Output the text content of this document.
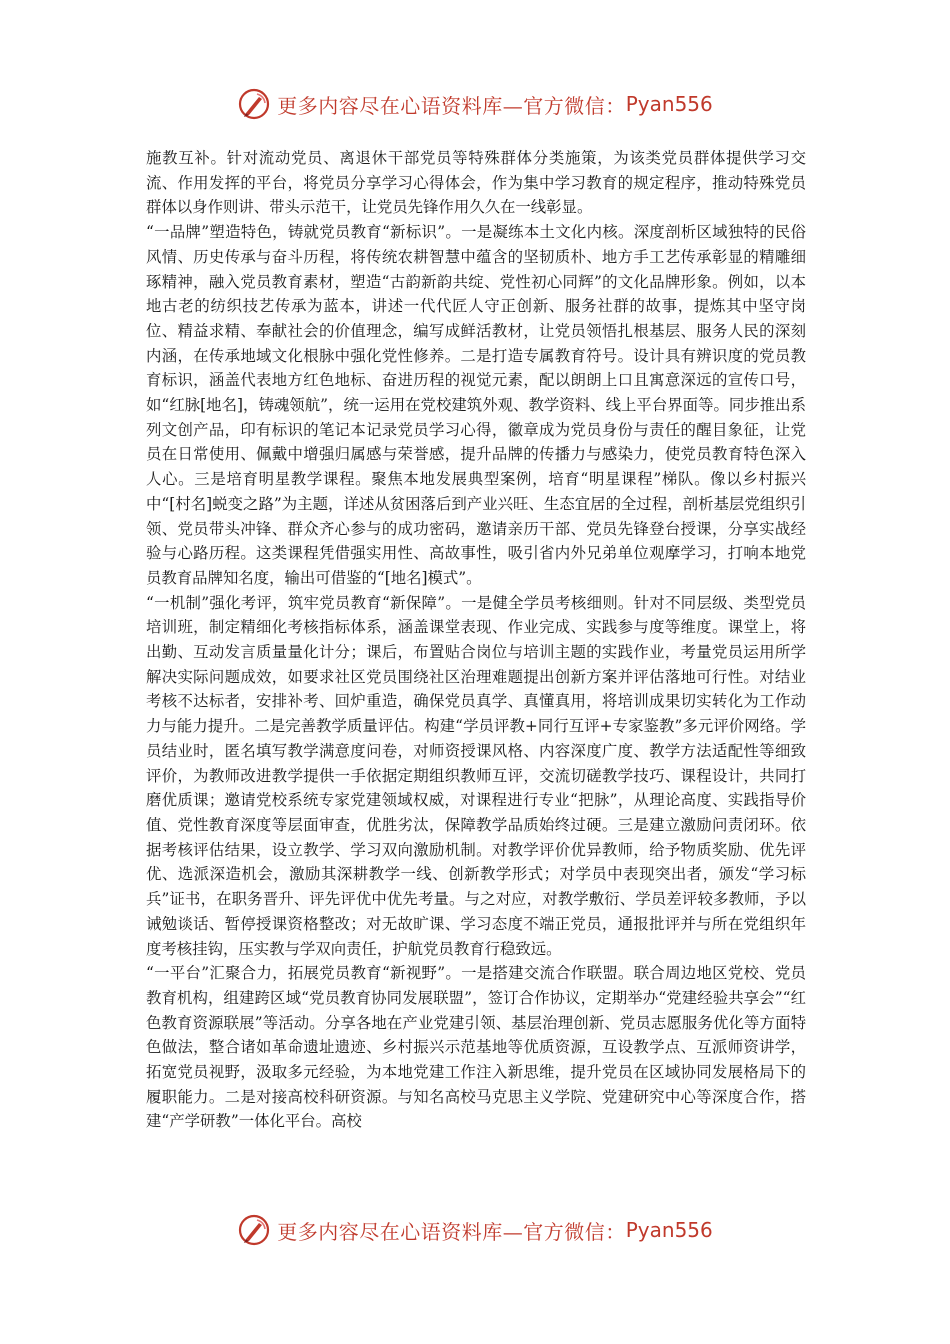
更多内容尽在心语资料库—官方微信： Pyan556

施教互补。针对流动党员、离退休干部党员等特殊群体分类施策，为该类党员群体提供学习交流、作用发挥的平台，将党员分享学习心得体会，作为集中学习教育的规定程序，推动特殊党员群体以身作则讲、带头示范干，让党员先锋作用久久在一线彰显。

“一品牌”塑造特色，铸就党员教育“新标识”。一是凝练本土文化内核。深度剖析区域独特的民俗风情、历史传承与奋斗历程，将传统农耕智慧中蕴含的坚韧质朴、地方手工艺传承彰显的精雕细琢精神，融入党员教育素材，塑造“古韵新韵共绽、党性初心同辉”的文化品牌形象。例如，以本地古老的纺织技艺传承为蓝本，讲述一代代匠人守正创新、服务社群的故事，提炼其中坚守岗位、精益求精、奉献社会的价值理念，编写成鲜活教材，让党员领悟扎根基层、服务人民的深刻内涵，在传承地域文化根脉中强化党性修养。二是打造专属教育符号。设计具有辨识度的党员教育标识，涵盖代表地方红色地标、奋进历程的视觉元素，配以朗朗上口且寓意深远的宣传口号，如“红脉[地名]，铸魂领航”，统一运用在党校建筑外观、教学资料、线上平台界面等。同步推出系列文创产品，印有标识的笔记本记录党员学习心得，徽章成为党员身份与责任的醒目象征，让党员在日常使用、佩戴中增强归属感与荣誉感，提升品牌的传播力与感染力，使党员教育特色深入人心。三是培育明星教学课程。聚焦本地发展典型案例，培育“明星课程”梯队。像以乡村振兴中“[村名]蜕变之路”为主题，详述从贫困落后到产业兴旺、生态宜居的全过程，剖析基层党组织引领、党员带头冲锋、群众齐心参与的成功密码，邀请亲历干部、党员先锋登台授课，分享实战经验与心路历程。这类课程凭借强实用性、高故事性，吸引省内外兄弟单位观摩学习，打响本地党员教育品牌知名度，输出可借鉴的“[地名]模式”。

“一机制”强化考评，筑牢党员教育“新保障”。一是健全学员考核细则。针对不同层级、类型党员培训班，制定精细化考核指标体系，涵盖课堂表现、作业完成、实践参与度等维度。课堂上，将出勤、互动发言质量量化计分；课后，布置贴合岗位与培训主题的实践作业，考量党员运用所学解决实际问题成效，如要求社区党员围绕社区治理难题提出创新方案并评估落地可行性。对结业考核不达标者，安排补考、回炉重造，确保党员真学、真懂真用，将培训成果切实转化为工作动力与能力提升。二是完善教学质量评估。构建“学员评教+同行互评+专家鉴教”多元评价网络。学员结业时，匿名填写教学满意度问卷，对师资授课风格、内容深度广度、教学方法适配性等细致评价，为教师改进教学提供一手依据定期组织教师互评，交流切磋教学技巧、课程设计，共同打磨优质课；邀请党校系统专家党建领域权威，对课程进行专业“把脉”，从理论高度、实践指导价值、党性教育深度等层面审查，优胜劣汰，保障教学品质始终过硬。三是建立激励问责闭环。依据考核评估结果，设立教学、学习双向激励机制。对教学评价优异教师，给予物质奖励、优先评优、选派深造机会，激励其深耕教学一线、创新教学形式；对学员中表现突出者，颁发“学习标兵”证书，在职务晋升、评先评优中优先考量。与之对应，对教学敷衍、学员差评较多教师，予以诫勉谈话、暂停授课资格整改；对无故旷课、学习态度不端正党员，通报批评并与所在党组织年度考核挂钩，压实教与学双向责任，护航党员教育行稳致远。

“一平台”汇聚合力，拓展党员教育“新视野”。一是搭建交流合作联盟。联合周边地区党校、党员教育机构，组建跨区域“党员教育协同发展联盟”，签订合作协议，定期举办“党建经验共享会”“红色教育资源联展”等活动。分享各地在产业党建引领、基层治理创新、党员志愿服务优化等方面特色做法，整合诸如革命遗址遗迹、乡村振兴示范基地等优质资源，互设教学点、互派师资讲学，拓宽党员视野，汲取多元经验，为本地党建工作注入新思维，提升党员在区域协同发展格局下的履职能力。二是对接高校科研资源。与知名高校马克思主义学院、党建研究中心等深度合作，搭建“产学研教”一体化平台。高校

更多内容尽在心语资料库—官方微信： Pyan556
